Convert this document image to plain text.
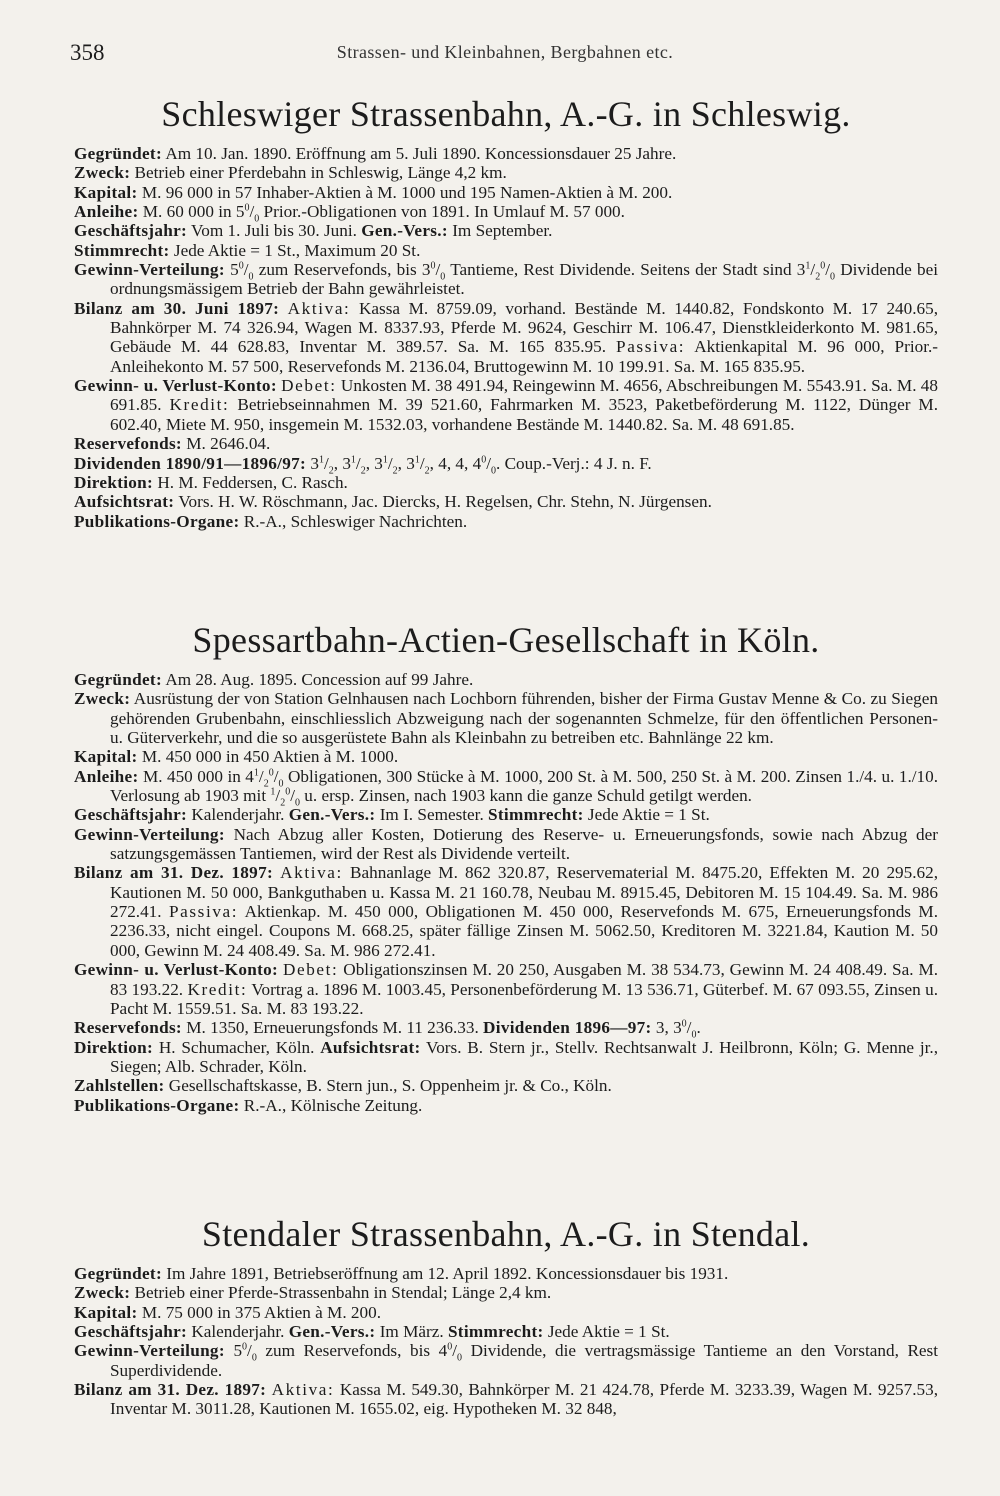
358	Strassen- und Kleinbahnen, Bergbahnen etc.
Schleswiger Strassenbahn, A.-G. in Schleswig.

Gegründet: Am 10. Jan. 1890. Eröffnung am 5. Juli 1890. Koncessionsdauer 25 Jahre.

Zweck: Betrieb einer Pferdebahn in Schleswig, Länge 4,2 km.

Kapital: M. 96 000 in 57 Inhaber-Aktien à M. 1000 und 195 Namen-Aktien à M. 200.

Anleihe: M. 60 000 in $5^0/_0$ Prior.-Obligationen von 1891. In Umlauf M. 57 000.

Geschäftsjahr: Vom 1. Juli bis 30. Juni. Gen.-Vers.: Im September.

Stimmrecht: Jede Aktie = 1 St., Maximum 20 St.

Gewinn-Verteilung: $5^0/_0$ zum Reservefonds, bis $3^0/_0$ Tantieme, Rest Dividende. Seitens der Stadt sind $3^1/_2^0/_0$ Dividende bei ordnungsmässigem Betrieb der Bahn gewährleistet.

Bilanz am 30. Juni 1897: Aktiva: Kassa M. 8759.09, vorhand. Bestände M. 1440.82, Fondskonto M. 17 240.65, Bahnkörper M. 74 326.94, Wagen M. 8337.93, Pferde M. 9624, Geschirr M. 106.47, Dienstkleiderkonto M. 981.65, Gebäude M. 44 628.83, Inventar M. 389.57. Sa. M. 165 835.95. Passiva: Aktienkapital M. 96 000, Prior.-Anleihekonto M. 57 500, Reservefonds M. 2136.04, Bruttogewinn M. 10 199.91. Sa. M. 165 835.95.

Gewinn- u. Verlust-Konto: Debet: Unkosten M. 38 491.94, Reingewinn M. 4656, Abschreibungen M. 5543.91. Sa. M. 48 691.85. Kredit: Betriebseinnahmen M. 39 521.60, Fahrmarken M. 3523, Paketbeförderung M. 1122, Dünger M. 602.40, Miete M. 950, insgemein M. 1532.03, vorhandene Bestände M. 1440.82. Sa. M. 48 691.85.

Reservefonds: M. 2646.04.

Dividenden 1890/91—1896/97: $3^1/_2$, $3^1/_2$, $3^1/_2$, $3^1/_2$, 4, 4, $4^0/_0$. Coup.-Verj.: 4 J. n. F.

Direktion: H. M. Feddersen, C. Rasch.

Aufsichtsrat: Vors. H. W. Röschmann, Jac. Diercks, H. Regelsen, Chr. Stehn, N. Jürgensen.

Publikations-Organe: R.-A., Schleswiger Nachrichten.

Spessartbahn-Actien-Gesellschaft in Köln.

Gegründet: Am 28. Aug. 1895. Concession auf 99 Jahre.

Zweck: Ausrüstung der von Station Gelnhausen nach Lochborn führenden, bisher der Firma Gustav Menne & Co. zu Siegen gehörenden Grubenbahn, einschliesslich Abzweigung nach der sogenannten Schmelze, für den öffentlichen Personen- u. Güterverkehr, und die so ausgerüstete Bahn als Kleinbahn zu betreiben etc. Bahnlänge 22 km.

Kapital: M. 450 000 in 450 Aktien à M. 1000.

Anleihe: M. 450 000 in $4^1/_2^0/_0$ Obligationen, 300 Stücke à M. 1000, 200 St. à M. 500, 250 St. à M. 200. Zinsen 1./4. u. 1./10. Verlosung ab 1903 mit $^1/_2^0/_0$ u. ersp. Zinsen, nach 1903 kann die ganze Schuld getilgt werden.

Geschäftsjahr: Kalenderjahr. Gen.-Vers.: Im I. Semester. Stimmrecht: Jede Aktie = 1 St.

Gewinn-Verteilung: Nach Abzug aller Kosten, Dotierung des Reserve- u. Erneuerungsfonds, sowie nach Abzug der satzungsgemässen Tantiemen, wird der Rest als Dividende verteilt.

Bilanz am 31. Dez. 1897: Aktiva: Bahnanlage M. 862 320.87, Reservematerial M. 8475.20, Effekten M. 20 295.62, Kautionen M. 50 000, Bankguthaben u. Kassa M. 21 160.78, Neubau M. 8915.45, Debitoren M. 15 104.49. Sa. M. 986 272.41. Passiva: Aktienkap. M. 450 000, Obligationen M. 450 000, Reservefonds M. 675, Erneuerungsfonds M. 2236.33, nicht eingel. Coupons M. 668.25, später fällige Zinsen M. 5062.50, Kreditoren M. 3221.84, Kaution M. 50 000, Gewinn M. 24 408.49. Sa. M. 986 272.41.

Gewinn- u. Verlust-Konto: Debet: Obligationszinsen M. 20 250, Ausgaben M. 38 534.73, Gewinn M. 24 408.49. Sa. M. 83 193.22. Kredit: Vortrag a. 1896 M. 1003.45, Personenbeförderung M. 13 536.71, Güterbef. M. 67 093.55, Zinsen u. Pacht M. 1559.51. Sa. M. 83 193.22.

Reservefonds: M. 1350, Erneuerungsfonds M. 11 236.33. Dividenden 1896—97: 3, $3^0/_0$.

Direktion: H. Schumacher, Köln. Aufsichtsrat: Vors. B. Stern jr., Stellv. Rechtsanwalt J. Heilbronn, Köln; G. Menne jr., Siegen; Alb. Schrader, Köln.

Zahlstellen: Gesellschaftskasse, B. Stern jun., S. Oppenheim jr. & Co., Köln.

Publikations-Organe: R.-A., Kölnische Zeitung.

Stendaler Strassenbahn, A.-G. in Stendal.

Gegründet: Im Jahre 1891, Betriebseröffnung am 12. April 1892. Koncessionsdauer bis 1931.

Zweck: Betrieb einer Pferde-Strassenbahn in Stendal; Länge 2,4 km.

Kapital: M. 75 000 in 375 Aktien à M. 200.

Geschäftsjahr: Kalenderjahr. Gen.-Vers.: Im März. Stimmrecht: Jede Aktie = 1 St.

Gewinn-Verteilung: $5^0/_0$ zum Reservefonds, bis $4^0/_0$ Dividende, die vertragsmässige Tantieme an den Vorstand, Rest Superdividende.

Bilanz am 31. Dez. 1897: Aktiva: Kassa M. 549.30, Bahnkörper M. 21 424.78, Pferde M. 3233.39, Wagen M. 9257.53, Inventar M. 3011.28, Kautionen M. 1655.02, eig. Hypotheken M. 32 848,
